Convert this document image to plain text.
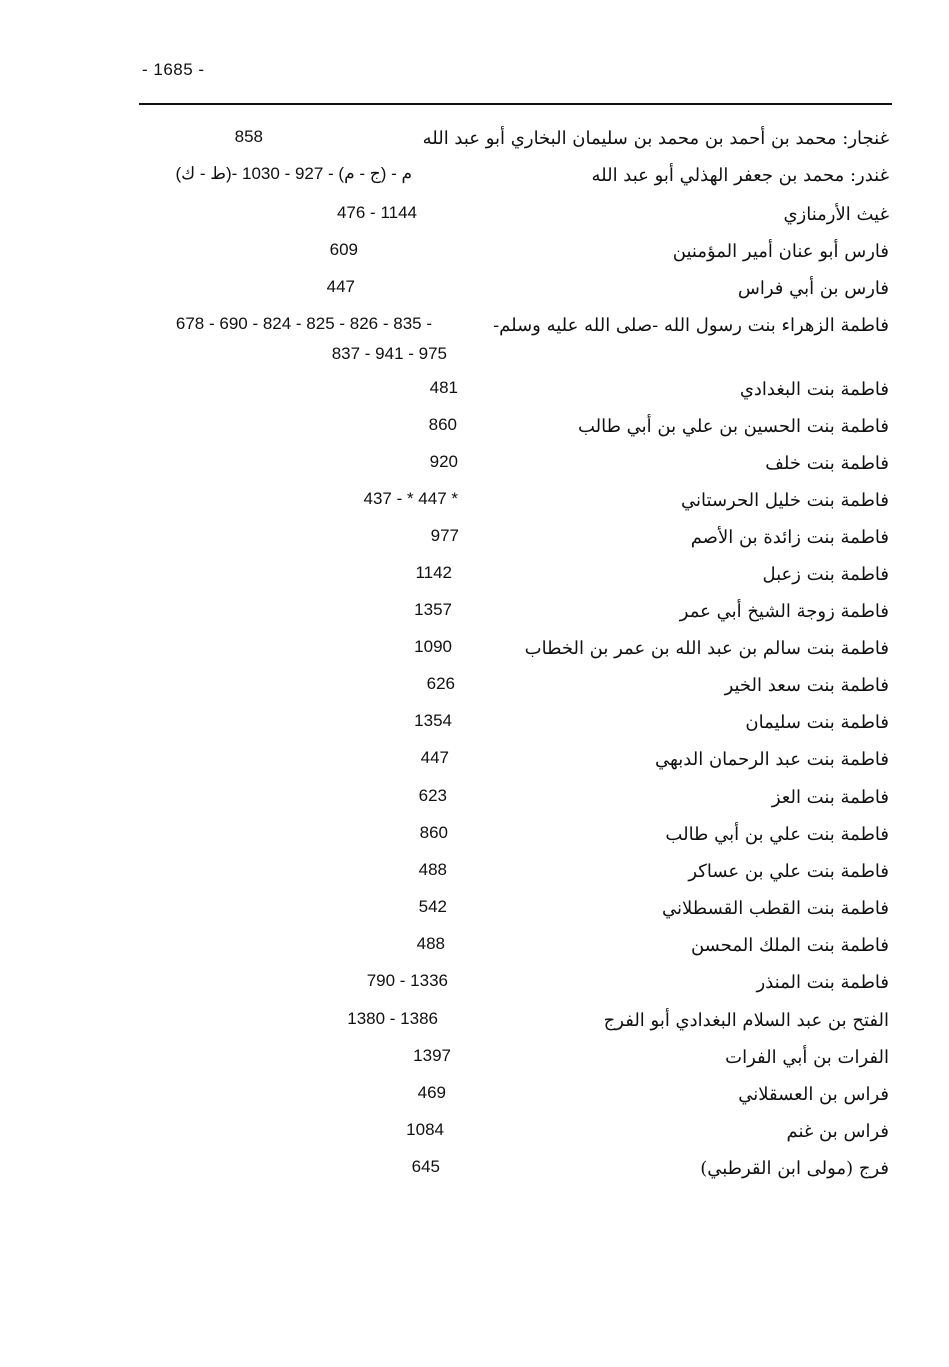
- 1685 -
غنجار: محمد بن أحمد بن محمد بن سليمان البخاري أبو عبد الله
858
غندر: محمد بن جعفر الهذلي أبو عبد الله
(ط - ك)- م - (ج - م) - 927 - 1030
غيث الأرمنازي
476 - 1144
فارس أبو عنان أمير المؤمنين
609
فارس بن أبي فراس
447
فاطمة الزهراء بنت رسول الله -صلى الله عليه وسلم-
678 - 690 - 824 - 825 - 826 - 835 -
837 - 941 - 975
فاطمة بنت البغدادي
481
فاطمة بنت الحسين بن علي بن أبي طالب
860
فاطمة بنت خلف
920
فاطمة بنت خليل الحرستاني
437 - * 447 *
فاطمة بنت زائدة بن الأصم
977
فاطمة بنت زعبل
1142
فاطمة زوجة الشيخ أبي عمر
1357
فاطمة بنت سالم بن عبد الله بن عمر بن الخطاب
1090
فاطمة بنت سعد الخير
626
فاطمة بنت سليمان
1354
فاطمة بنت عبد الرحمان الدبهي
447
فاطمة بنت العز
623
فاطمة بنت علي بن أبي طالب
860
فاطمة بنت علي بن عساكر
488
فاطمة بنت القطب القسطلاني
542
فاطمة بنت الملك المحسن
488
فاطمة بنت المنذر
790 - 1336
الفتح بن عبد السلام البغدادي أبو الفرج
1380 - 1386
الفرات بن أبي الفرات
1397
فراس بن العسقلاني
469
فراس بن غنم
1084
فرج (مولى ابن القرطبي)
645
